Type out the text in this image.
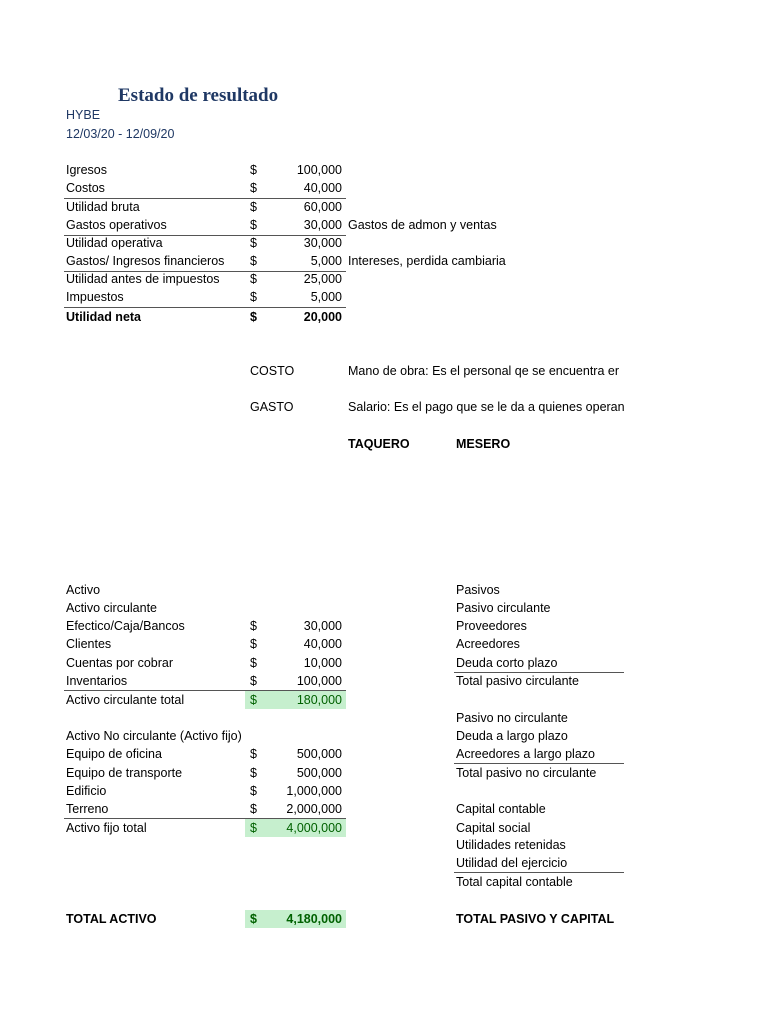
Estado de resultado
HYBE
12/03/20 - 12/09/20
Igresos	$	100,000
Costos	$	40,000
Utilidad bruta	$	60,000
Gastos operativos	$	30,000 Gastos de admon y ventas
Utilidad operativa	$	30,000
Gastos/ Ingresos financieros $	5,000 Intereses, perdida cambiaria
Utilidad antes de impuestos $	25,000
Impuestos	$	5,000
Utilidad neta	$	20,000
COSTO	Mano de obra: Es el personal qe se encuentra er
GASTO	Salario: Es el pago que se le da a quienes operan
TAQUERO	MESERO
Activo
Activo circulante
Efectico/Caja/Bancos	$	30,000
Clientes	$	40,000
Cuentas por cobrar	$	10,000
Inventarios	$	100,000
Activo circulante total	$	180,000
Activo No circulante (Activo fijo)
Equipo de oficina	$	500,000
Equipo de transporte	$	500,000
Edificio	$ 1,000,000
Terreno	$ 2,000,000
Activo fijo total	$ 4,000,000
TOTAL ACTIVO	$ 4,180,000
Pasivos
Pasivo circulante
Proveedores
Acreedores
Deuda corto plazo
Total pasivo circulante
Pasivo no circulante
Deuda a largo plazo
Acreedores a largo plazo
Total pasivo no circulante
Capital contable
Capital social
Utilidades retenidas
Utilidad del ejercicio
Total capital contable
TOTAL PASIVO Y CAPITAL
